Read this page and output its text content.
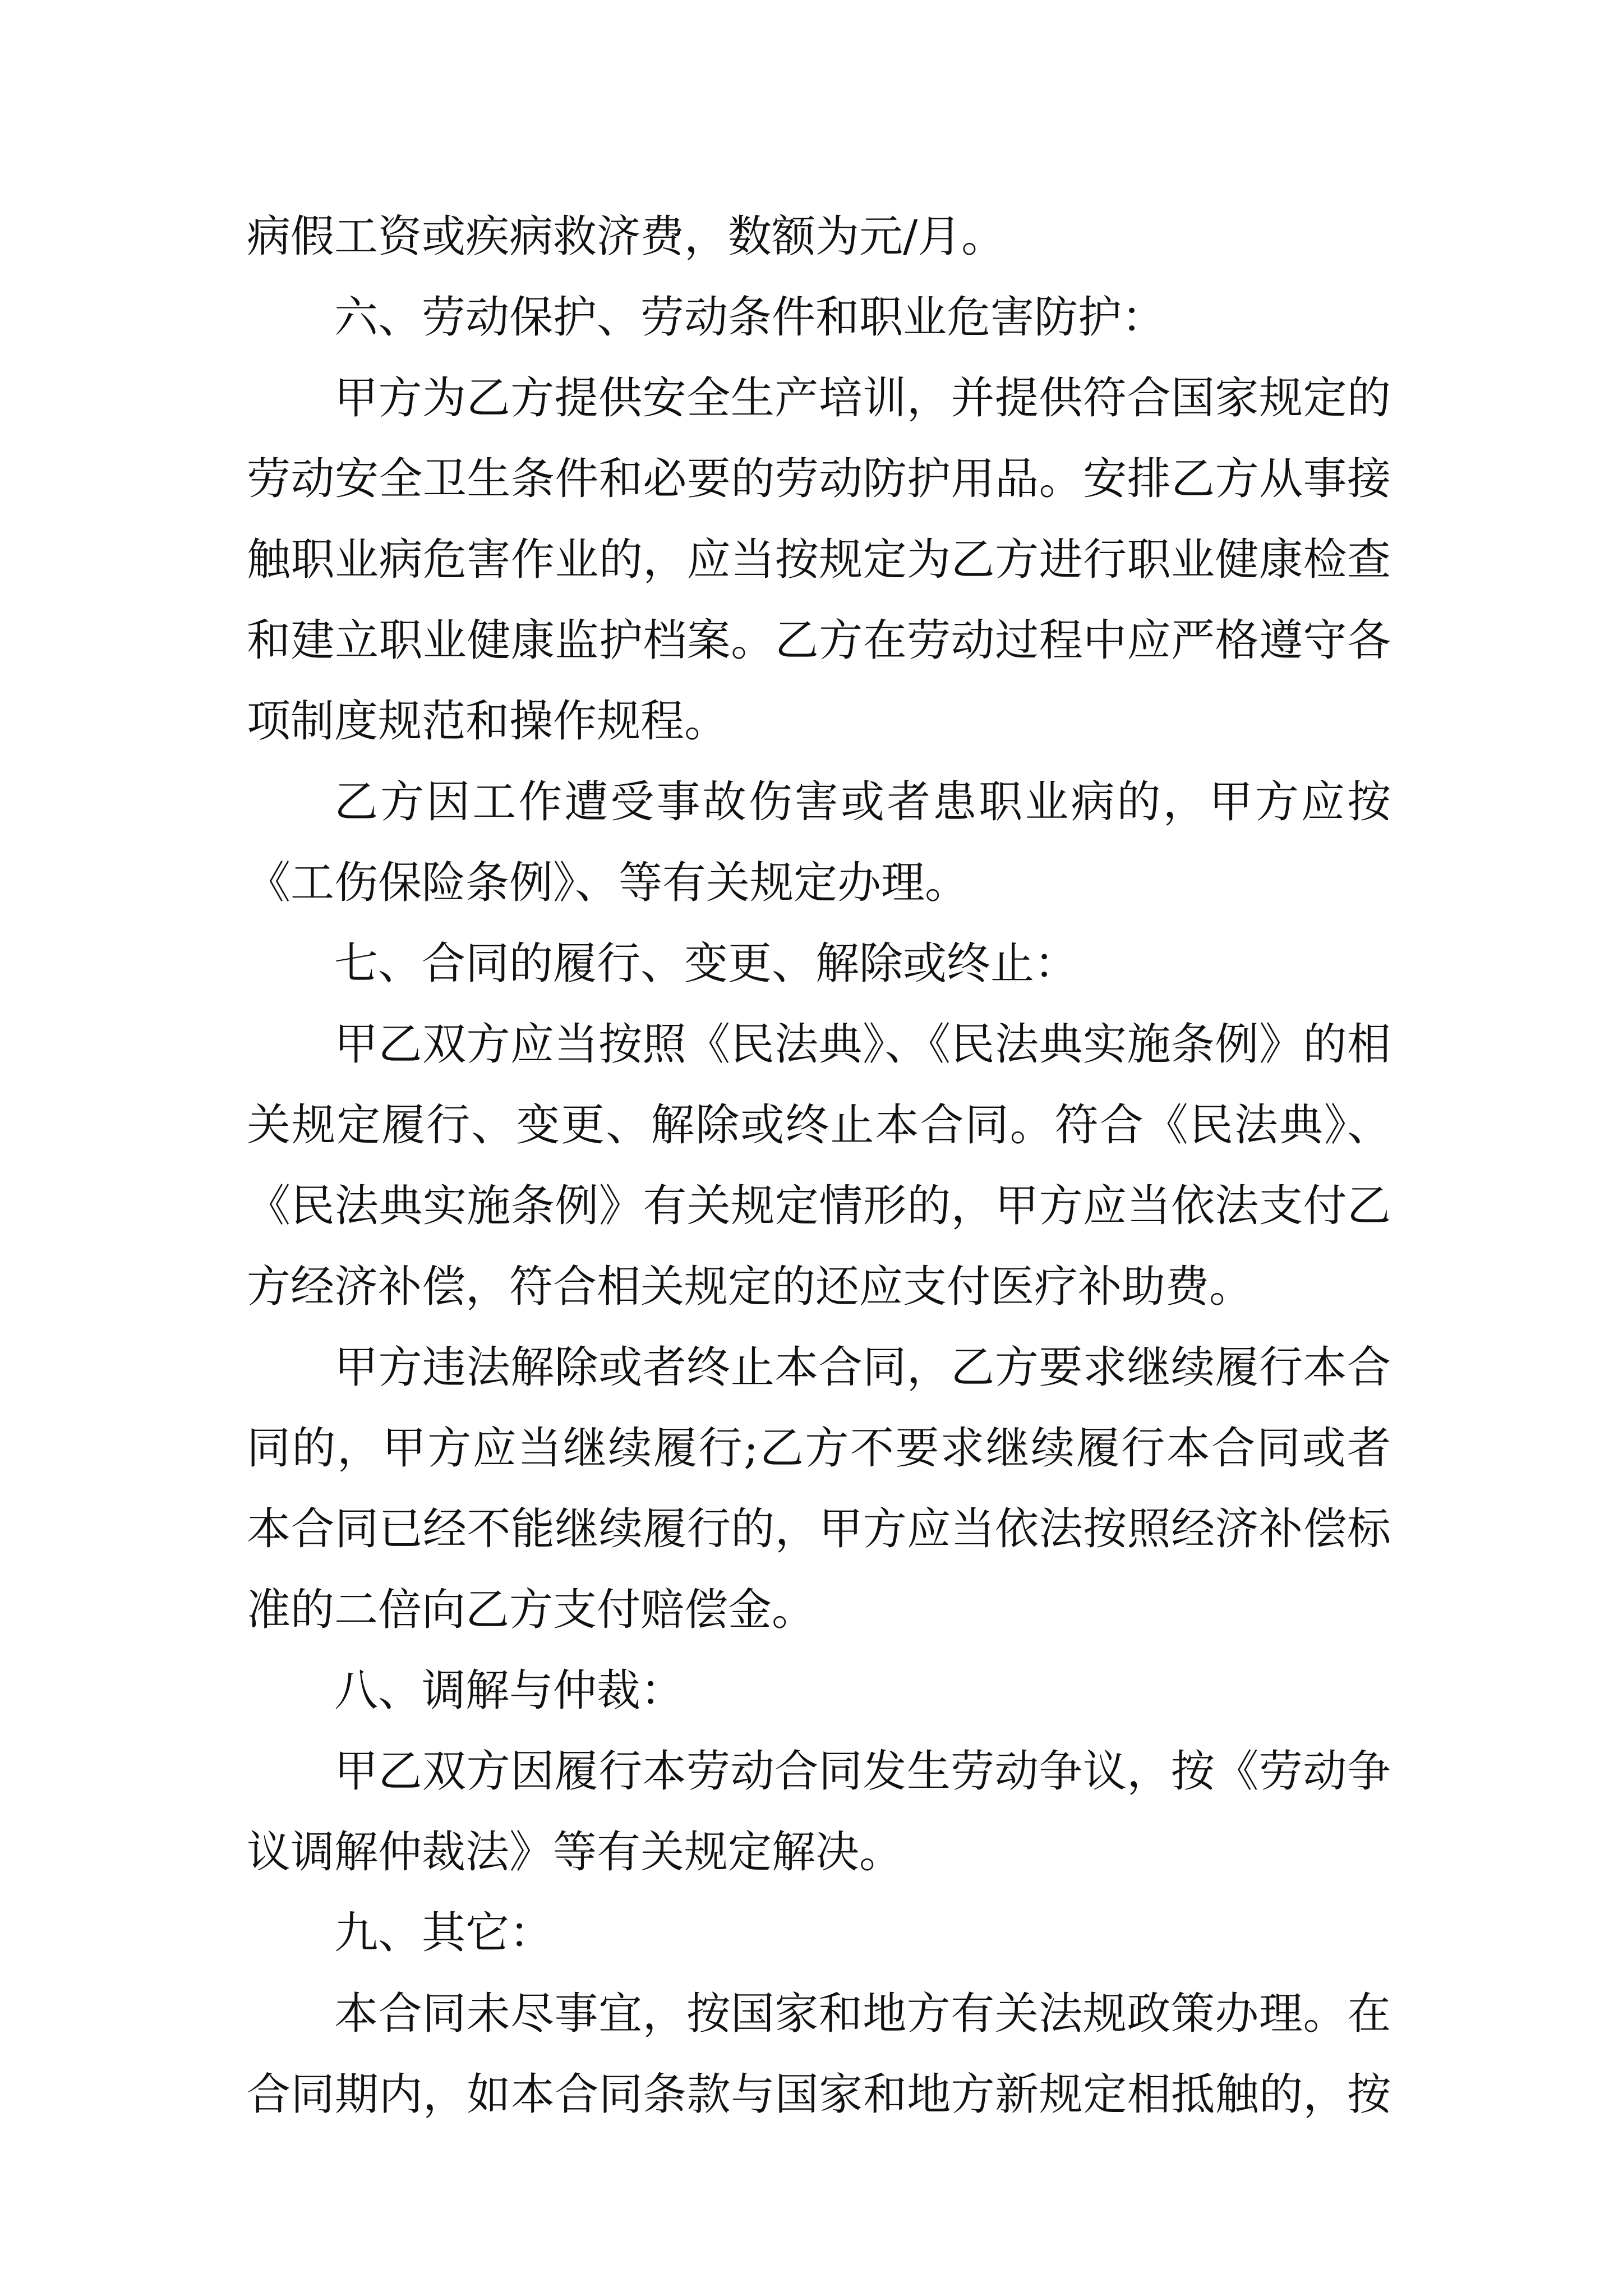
病假工资或疾病救济费，数额为元/月。
六、劳动保护、劳动条件和职业危害防护：
甲方为乙方提供安全生产培训，并提供符合国家规定的
劳动安全卫生条件和必要的劳动防护用品。安排乙方从事接
触职业病危害作业的，应当按规定为乙方进行职业健康检查
和建立职业健康监护档案。乙方在劳动过程中应严格遵守各
项制度规范和操作规程。
乙方因工作遭受事故伤害或者患职业病的，甲方应按
《工伤保险条例》、等有关规定办理。
七、合同的履行、变更、解除或终止：
甲乙双方应当按照《民法典》、《民法典实施条例》的相
关规定履行、变更、解除或终止本合同。符合《民法典》、
《民法典实施条例》有关规定情形的，甲方应当依法支付乙
方经济补偿，符合相关规定的还应支付医疗补助费。
甲方违法解除或者终止本合同，乙方要求继续履行本合
同的，甲方应当继续履行;乙方不要求继续履行本合同或者
本合同已经不能继续履行的，甲方应当依法按照经济补偿标
准的二倍向乙方支付赔偿金。
八、调解与仲裁：
甲乙双方因履行本劳动合同发生劳动争议，按《劳动争
议调解仲裁法》等有关规定解决。
九、其它：
本合同未尽事宜，按国家和地方有关法规政策办理。在
合同期内，如本合同条款与国家和地方新规定相抵触的，按
